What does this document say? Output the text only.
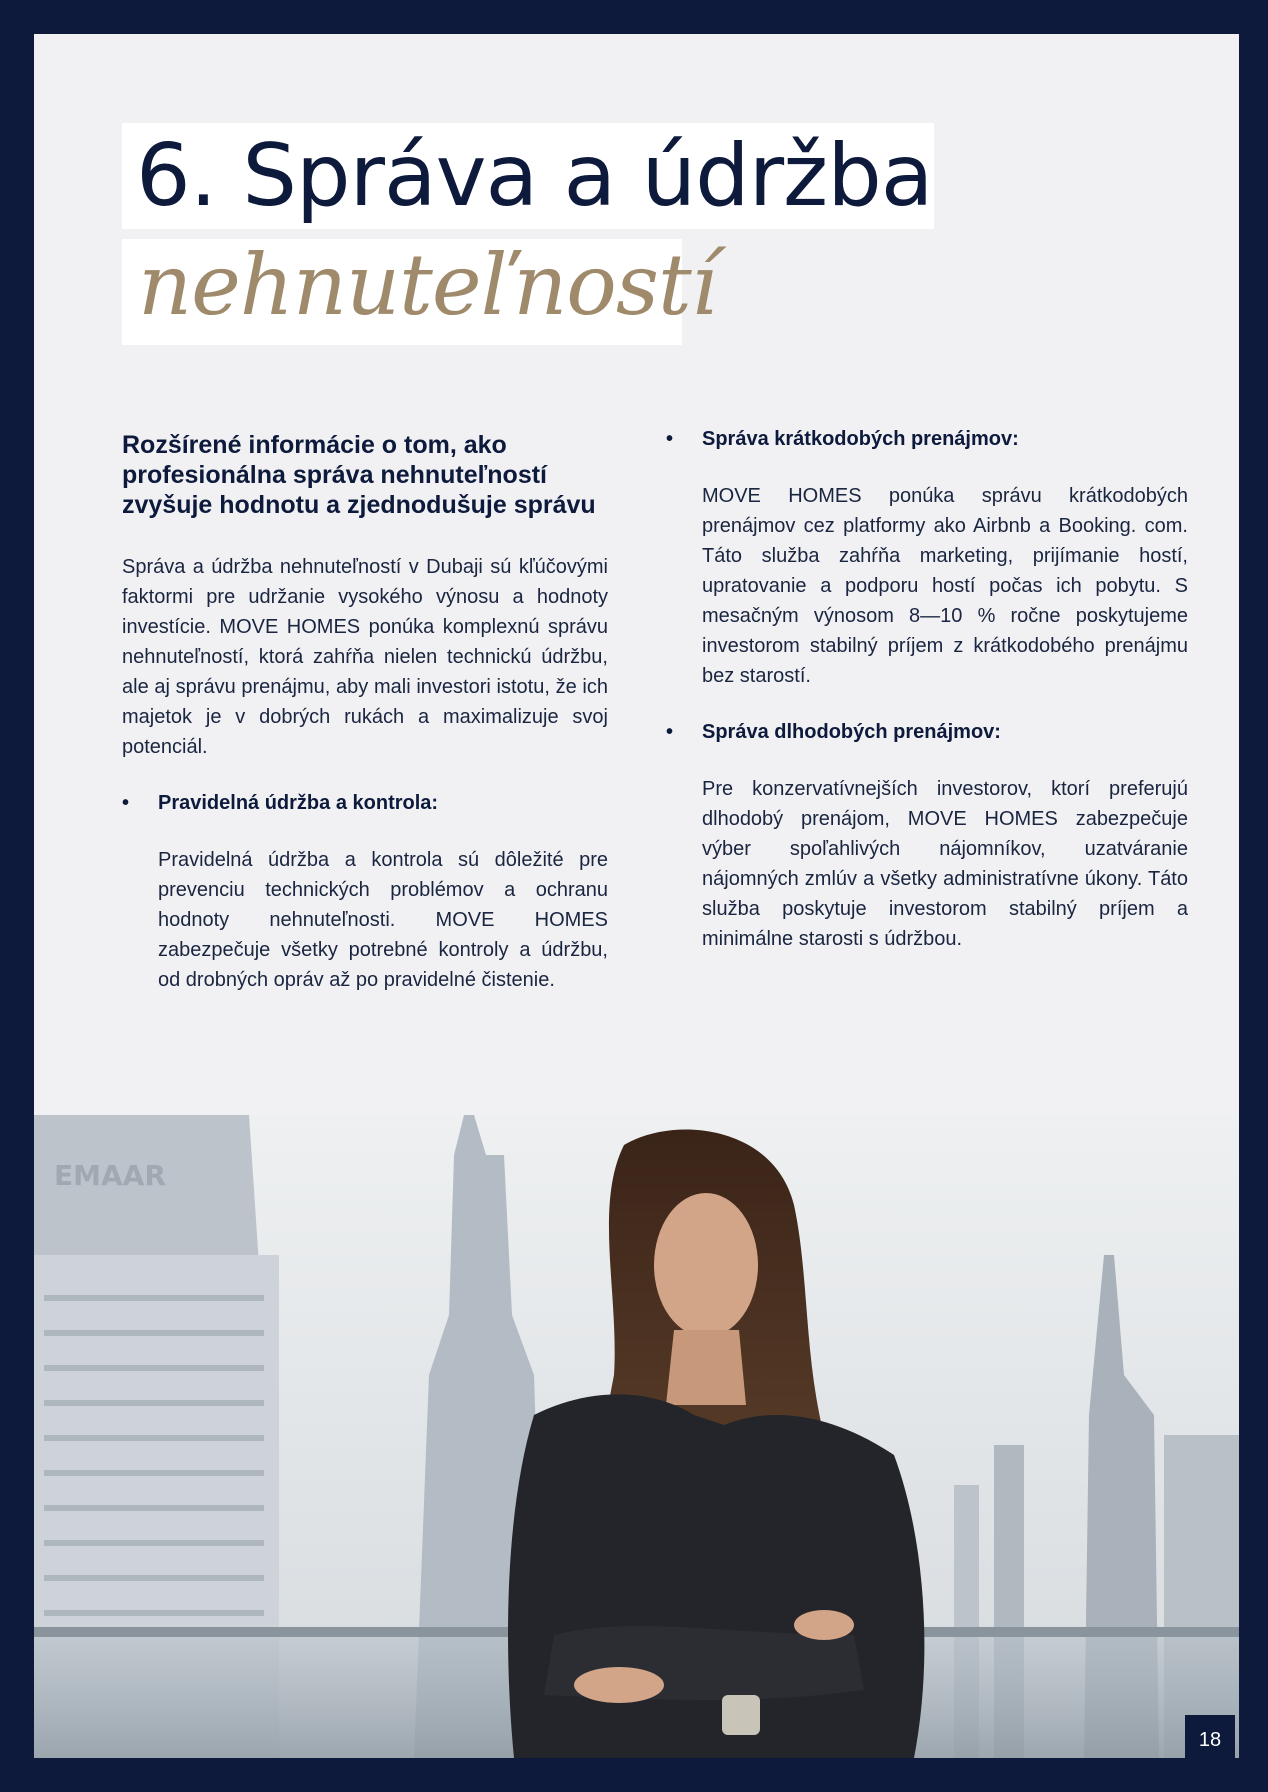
6. Správa a údržba
nehnuteľností
Rozšírené informácie o tom, ako profesionálna správa nehnuteľností zvyšuje hodnotu a zjednodušuje správu

Správa a údržba nehnuteľností v Dubaji sú kľúčovými faktormi pre udržanie vysokého výnosu a hodnoty investície. MOVE HOMES ponúka komplexnú správu nehnuteľností, ktorá zahŕňa nielen technickú údržbu, ale aj správu prenájmu, aby mali investori istotu, že ich majetok je v dobrých rukách a maximalizuje svoj potenciál.

•	Pravidelná údržba a kontrola:

Pravidelná údržba a kontrola sú dôležité pre prevenciu technických problémov a ochranu hodnoty nehnuteľnosti. MOVE HOMES zabezpečuje všetky potrebné kontroly a údržbu, od drobných opráv až po pravidelné čistenie.

•	Správa krátkodobých prenájmov:

MOVE HOMES ponúka správu krátkodobých prenájmov cez platformy ako Airbnb a Booking. com. Táto služba zahŕňa marketing, prijímanie hostí, upratovanie a podporu hostí počas ich pobytu. S mesačným výnosom 8—10 % ročne poskytujeme investorom stabilný príjem z krátkodobého prenájmu bez starostí.

•	Správa dlhodobých prenájmov:

Pre konzervatívnejších investorov, ktorí preferujú dlhodobý prenájom, MOVE HOMES zabezpečuje výber spoľahlivých nájomníkov, uzatváranie nájomných zmlúv a všetky administratívne úkony. Táto služba poskytuje investorom stabilný príjem a minimálne starosti s údržbou.

EMAAR
18
